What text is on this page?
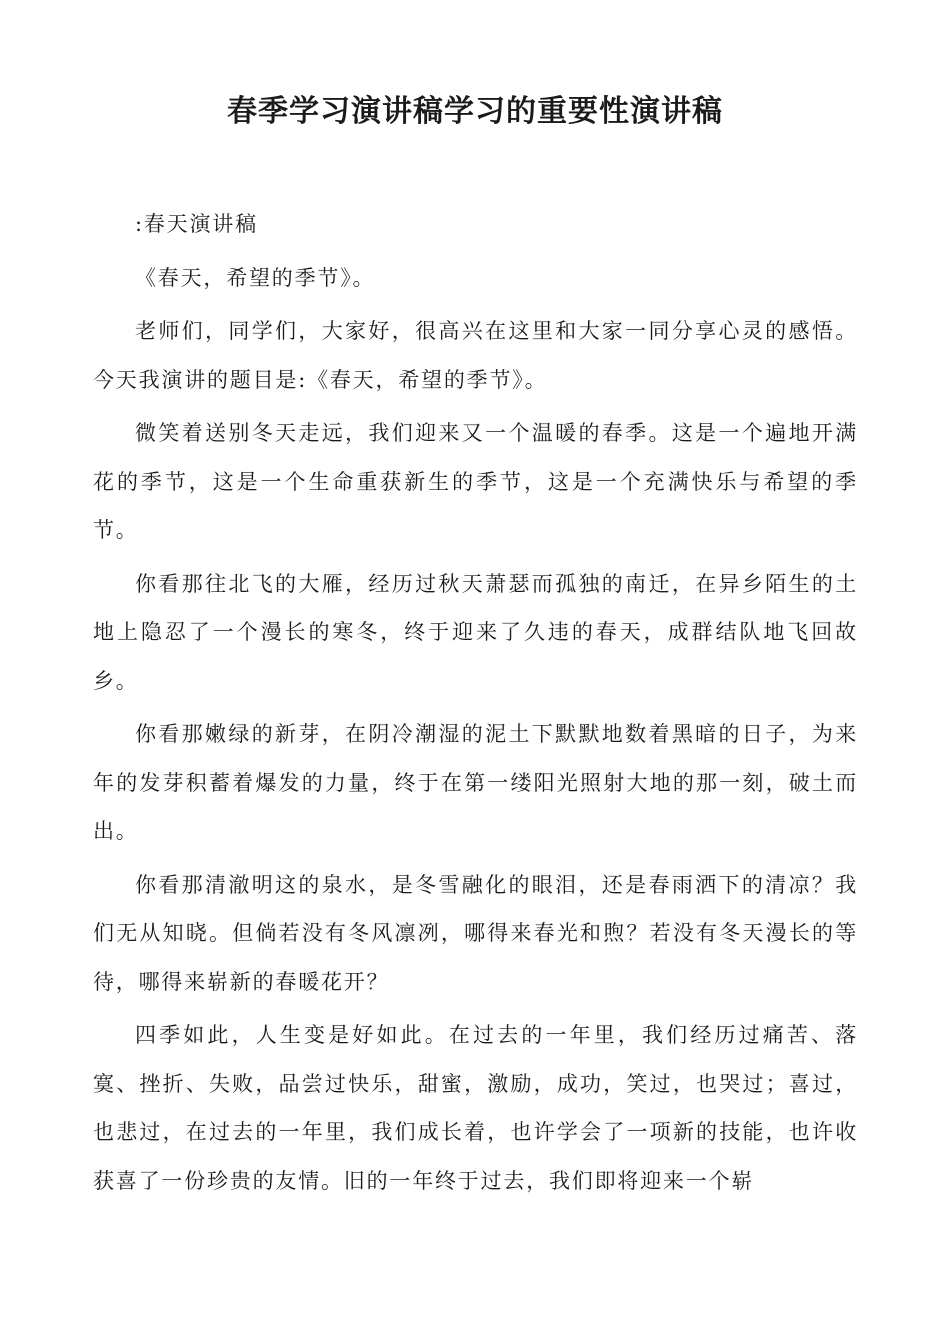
春季学习演讲稿学习的重要性演讲稿

:春天演讲稿

《春天，希望的季节》。

老师们，同学们，大家好，很高兴在这里和大家一同分享心灵的感悟。今天我演讲的题目是:《春天，希望的季节》。

微笑着送别冬天走远，我们迎来又一个温暖的春季。这是一个遍地开满花的季节，这是一个生命重获新生的季节，这是一个充满快乐与希望的季节。

你看那往北飞的大雁，经历过秋天萧瑟而孤独的南迁，在异乡陌生的土地上隐忍了一个漫长的寒冬，终于迎来了久违的春天，成群结队地飞回故乡。

你看那嫩绿的新芽，在阴冷潮湿的泥土下默默地数着黑暗的日子，为来年的发芽积蓄着爆发的力量，终于在第一缕阳光照射大地的那一刻，破土而出。

你看那清澈明这的泉水，是冬雪融化的眼泪，还是春雨洒下的清凉？我们无从知晓。但倘若没有冬风凛冽，哪得来春光和煦？若没有冬天漫长的等待，哪得来崭新的春暖花开？

四季如此，人生变是好如此。在过去的一年里，我们经历过痛苦、落寞、挫折、失败，品尝过快乐，甜蜜，激励，成功，笑过，也哭过；喜过，也悲过，在过去的一年里，我们成长着，也许学会了一项新的技能，也许收获喜了一份珍贵的友情。旧的一年终于过去，我们即将迎来一个崭
